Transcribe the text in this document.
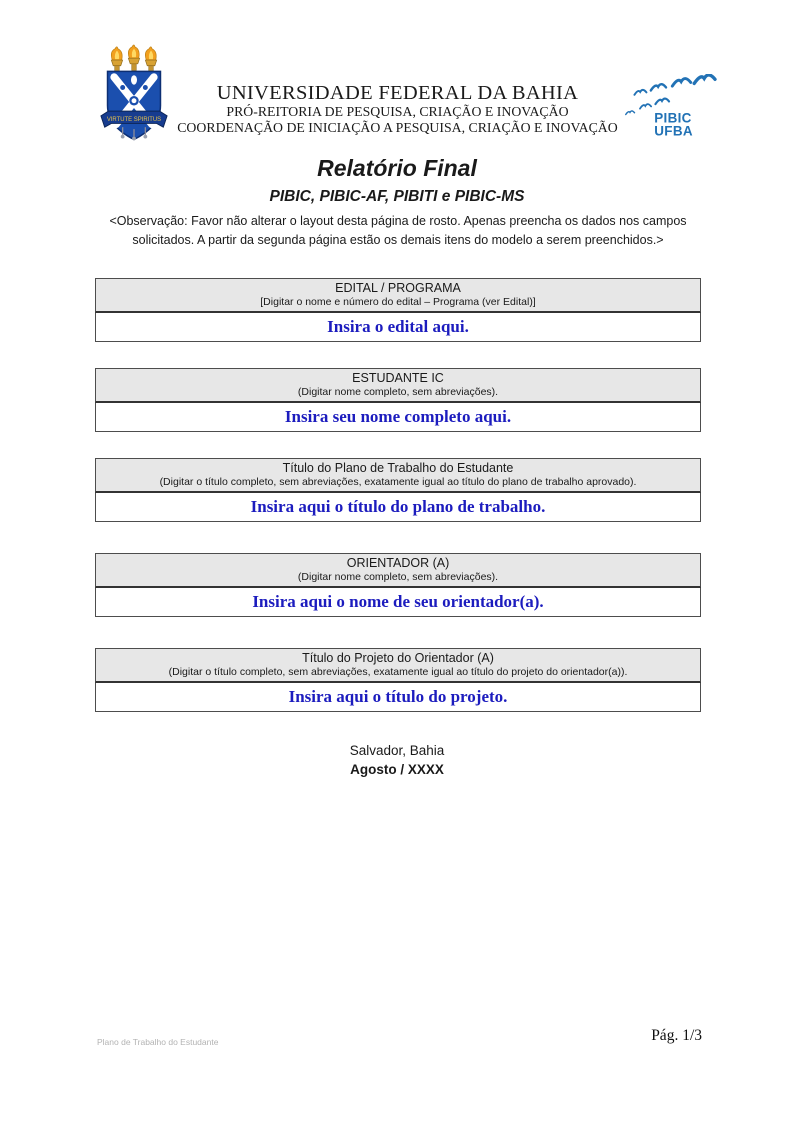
VIRTUTE SPIRITUS
UNIVERSIDADE FEDERAL DA BAHIA
PRÓ-REITORIA DE PESQUISA, CRIAÇÃO E INOVAÇÃO
COORDENAÇÃO DE INICIAÇÃO A PESQUISA, CRIAÇÃO E INOVAÇÃO
PIBIC
UFBA
Relatório Final
PIBIC, PIBIC-AF, PIBITI e PIBIC-MS
<Observação: Favor não alterar o layout desta página de rosto. Apenas preencha os dados nos campos solicitados. A partir da segunda página estão os demais itens do modelo a serem preenchidos.>
EDITAL / PROGRAMA
[Digitar o nome e número do edital – Programa (ver Edital)]
Insira o edital aqui.
ESTUDANTE IC
(Digitar nome completo, sem abreviações).
Insira seu nome completo aqui.
Título do Plano de Trabalho do Estudante
(Digitar o título completo, sem abreviações, exatamente igual ao título do plano de trabalho aprovado).
Insira aqui o título do plano de trabalho.
ORIENTADOR (A)
(Digitar nome completo, sem abreviações).
Insira aqui o nome de seu orientador(a).
Título do Projeto do Orientador (A)
(Digitar o título completo, sem abreviações, exatamente igual ao título do projeto do orientador(a)).
Insira aqui o título do projeto.
Salvador, Bahia
Agosto / XXXX
Plano de Trabalho do Estudante	Pág. 1/3
